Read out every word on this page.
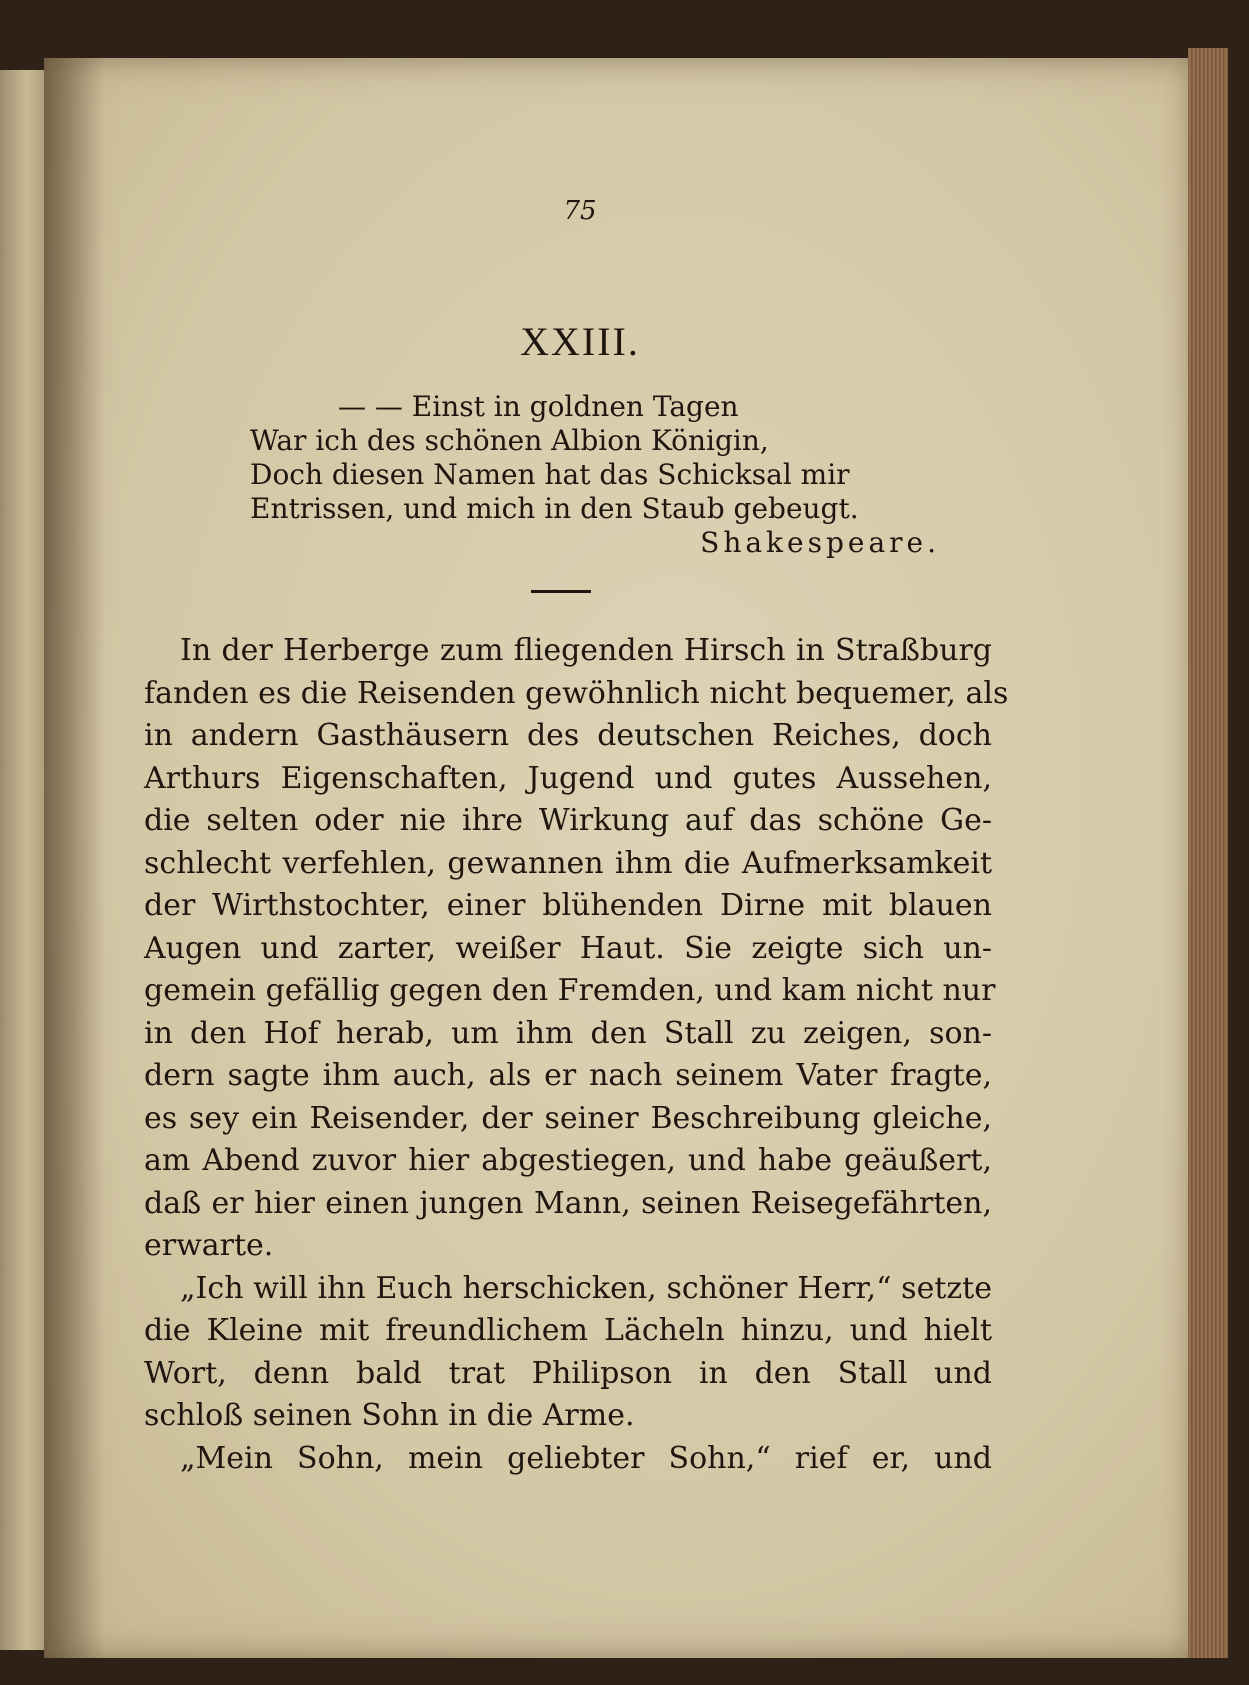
75
XXIII.
— — Einst in goldnen Tagen
War ich des schönen Albion Königin,
Doch diesen Namen hat das Schicksal mir
Entrissen, und mich in den Staub gebeugt.
Shakespeare.
In der Herberge zum fliegenden Hirsch in Straßburg
fanden es die Reisenden gewöhnlich nicht bequemer, als
in andern Gasthäusern des deutschen Reiches, doch
Arthurs Eigenschaften, Jugend und gutes Aussehen,
die selten oder nie ihre Wirkung auf das schöne Ge-
schlecht verfehlen, gewannen ihm die Aufmerksamkeit
der Wirthstochter, einer blühenden Dirne mit blauen
Augen und zarter, weißer Haut. Sie zeigte sich un-
gemein gefällig gegen den Fremden, und kam nicht nur
in den Hof herab, um ihm den Stall zu zeigen, son-
dern sagte ihm auch, als er nach seinem Vater fragte,
es sey ein Reisender, der seiner Beschreibung gleiche,
am Abend zuvor hier abgestiegen, und habe geäußert,
daß er hier einen jungen Mann, seinen Reisegefährten,
erwarte.
„Ich will ihn Euch herschicken, schöner Herr,“ setzte
die Kleine mit freundlichem Lächeln hinzu, und hielt
Wort, denn bald trat Philipson in den Stall und
schloß seinen Sohn in die Arme.
„Mein Sohn, mein geliebter Sohn,“ rief er, und
